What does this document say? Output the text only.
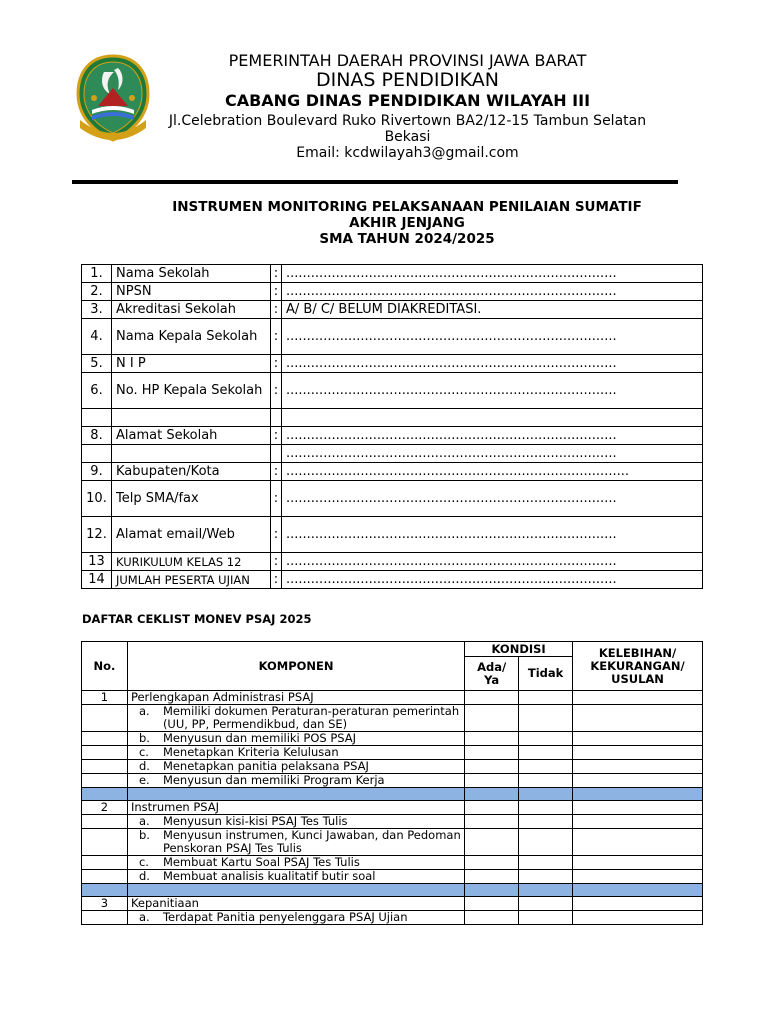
PEMERINTAH DAERAH PROVINSI JAWA BARAT
DINAS PENDIDIKAN
CABANG DINAS PENDIDIKAN WILAYAH III
Jl.Celebration Boulevard Ruko Rivertown BA2/12-15 Tambun Selatan
Bekasi
Email: kcdwilayah3@gmail.com
INSTRUMEN MONITORING PELAKSANAAN PENILAIAN SUMATIF
AKHIR JENJANG
SMA TAHUN 2024/2025
1.	Nama Sekolah	:	................................................................................
2.	NPSN	:	................................................................................
3.	Akreditasi Sekolah	:	A/ B/ C/ BELUM DIAKREDITASI.
4.	Nama Kepala Sekolah	:	................................................................................
5.	N I P	:	................................................................................
6.	No. HP Kepala Sekolah	:	................................................................................

8.	Alamat Sekolah	:	................................................................................
			................................................................................
9.	Kabupaten/Kota	:	...................................................................................
10.	Telp SMA/fax	:	................................................................................
12.	Alamat email/Web	:	................................................................................
13	KURIKULUM KELAS 12	:	................................................................................
14	JUMLAH PESERTA UJIAN	:	................................................................................
DAFTAR CEKLIST MONEV PSAJ 2025
No.	KOMPONEN	KONDISI		KELEBIHAN/ KEKURANGAN/ USULAN
		Ada/ Ya	Tidak	
1	Perlengkapan Administrasi PSAJ			

	a. Memiliki dokumen Peraturan-peraturan pemerintah (UU, PP, Permendikbud, dan SE)			

	b. Menyusun dan memiliki POS PSAJ			

	c. Menetapkan Kriteria Kelulusan			

	d. Menetapkan panitia pelaksana PSAJ			

	e. Menyusun dan memiliki Program Kerja			

2	Instrumen PSAJ			

	a. Menyusun kisi-kisi PSAJ Tes Tulis			

	b. Menyusun instrumen, Kunci Jawaban, dan Pedoman Penskoran PSAJ Tes Tulis			

	c. Membuat Kartu Soal PSAJ Tes Tulis			

	d. Membuat analisis kualitatif butir soal			

3	Kepanitiaan			

	a. Terdapat Panitia penyelenggara PSAJ Ujian			
